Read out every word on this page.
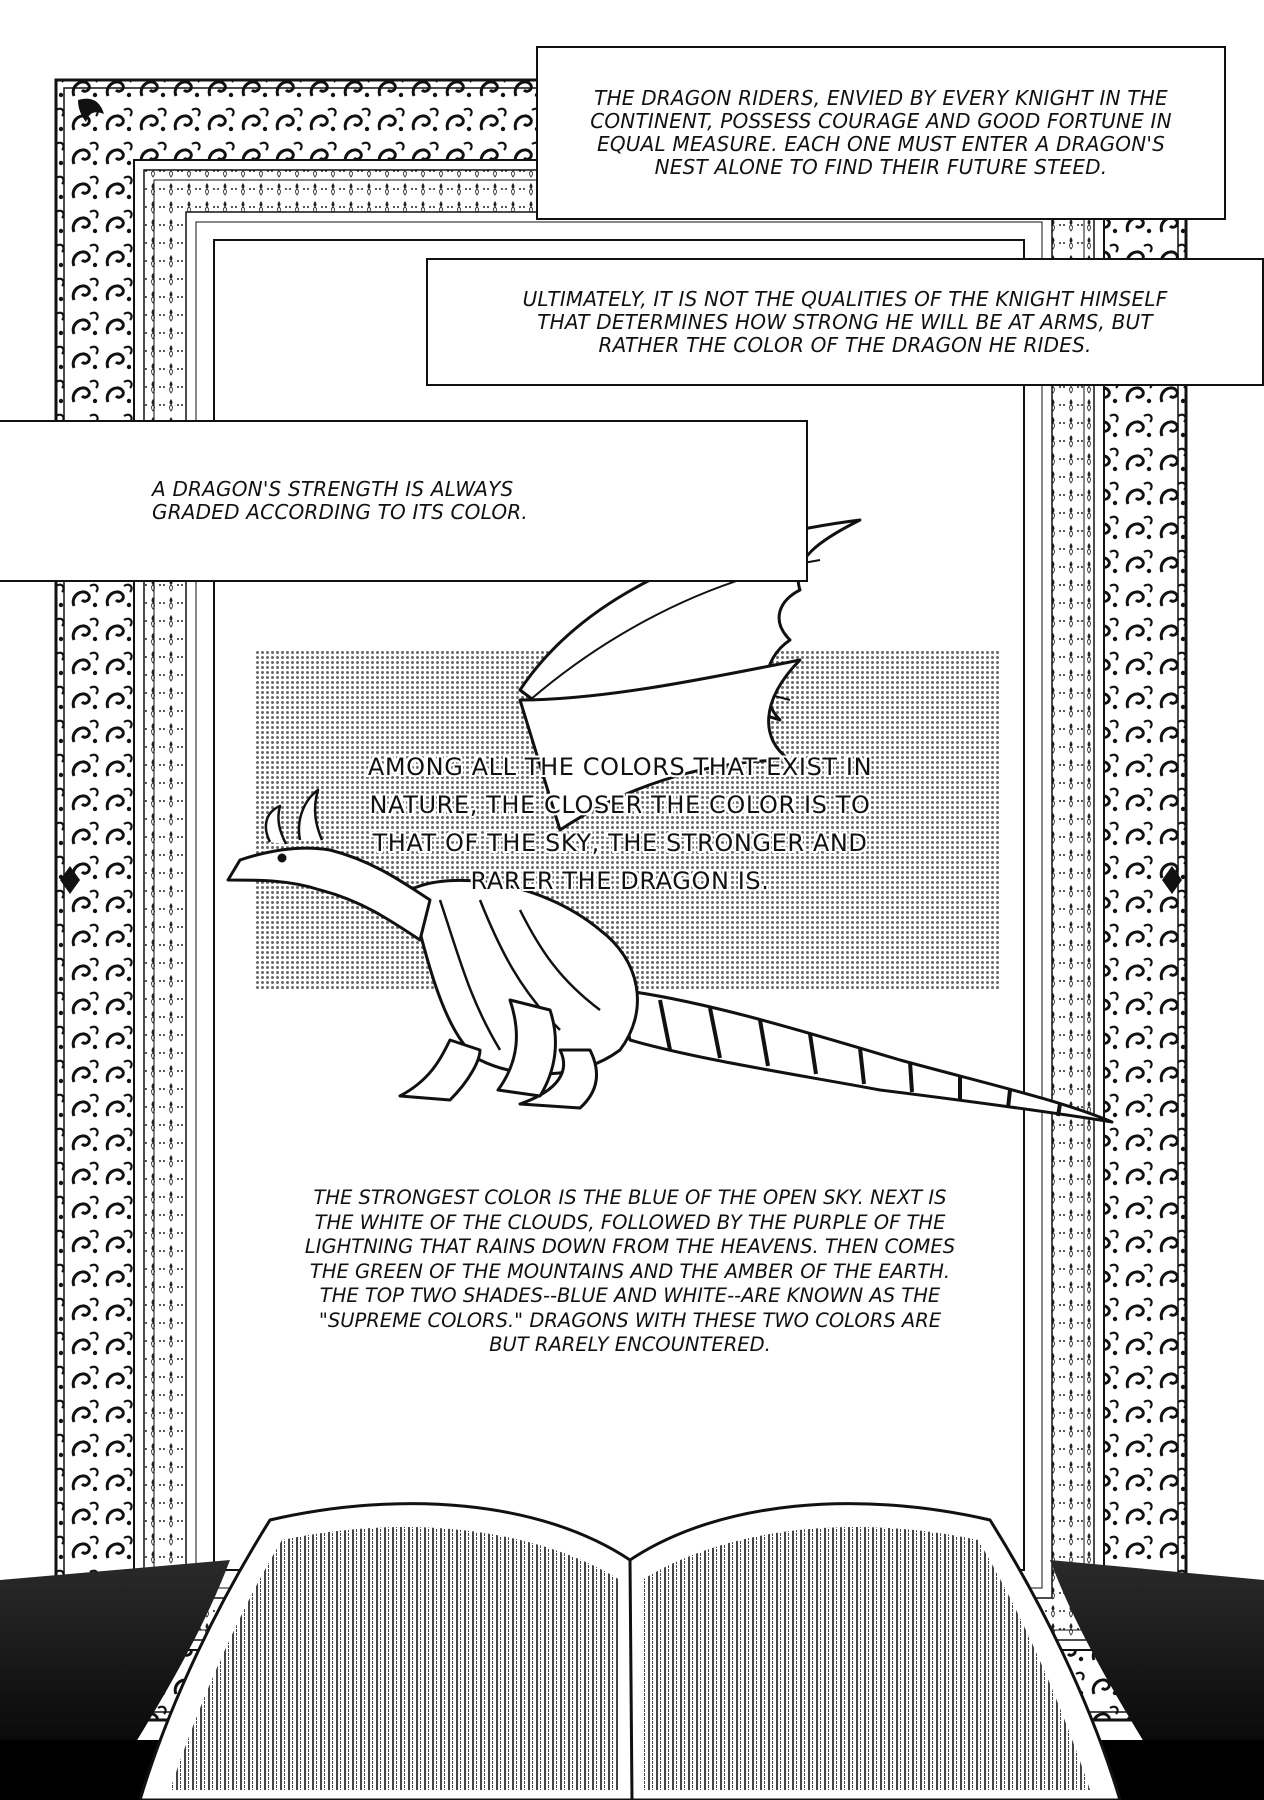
THE DRAGON RIDERS, ENVIED BY EVERY KNIGHT IN THE CONTINENT, POSSESS COURAGE AND GOOD FORTUNE IN EQUAL MEASURE. EACH ONE MUST ENTER A DRAGON'S NEST ALONE TO FIND THEIR FUTURE STEED.
ULTIMATELY, IT IS NOT THE QUALITIES OF THE KNIGHT HIMSELF THAT DETERMINES HOW STRONG HE WILL BE AT ARMS, BUT RATHER THE COLOR OF THE DRAGON HE RIDES.
A DRAGON'S STRENGTH IS ALWAYS GRADED ACCORDING TO ITS COLOR.
AMONG ALL THE COLORS THAT EXIST IN NATURE, THE CLOSER THE COLOR IS TO THAT OF THE SKY, THE STRONGER AND RARER THE DRAGON IS.
THE STRONGEST COLOR IS THE BLUE OF THE OPEN SKY. NEXT IS THE WHITE OF THE CLOUDS, FOLLOWED BY THE PURPLE OF THE LIGHTNING THAT RAINS DOWN FROM THE HEAVENS. THEN COMES THE GREEN OF THE MOUNTAINS AND THE AMBER OF THE EARTH. THE TOP TWO SHADES--BLUE AND WHITE--ARE KNOWN AS THE "SUPREME COLORS." DRAGONS WITH THESE TWO COLORS ARE BUT RARELY ENCOUNTERED.
